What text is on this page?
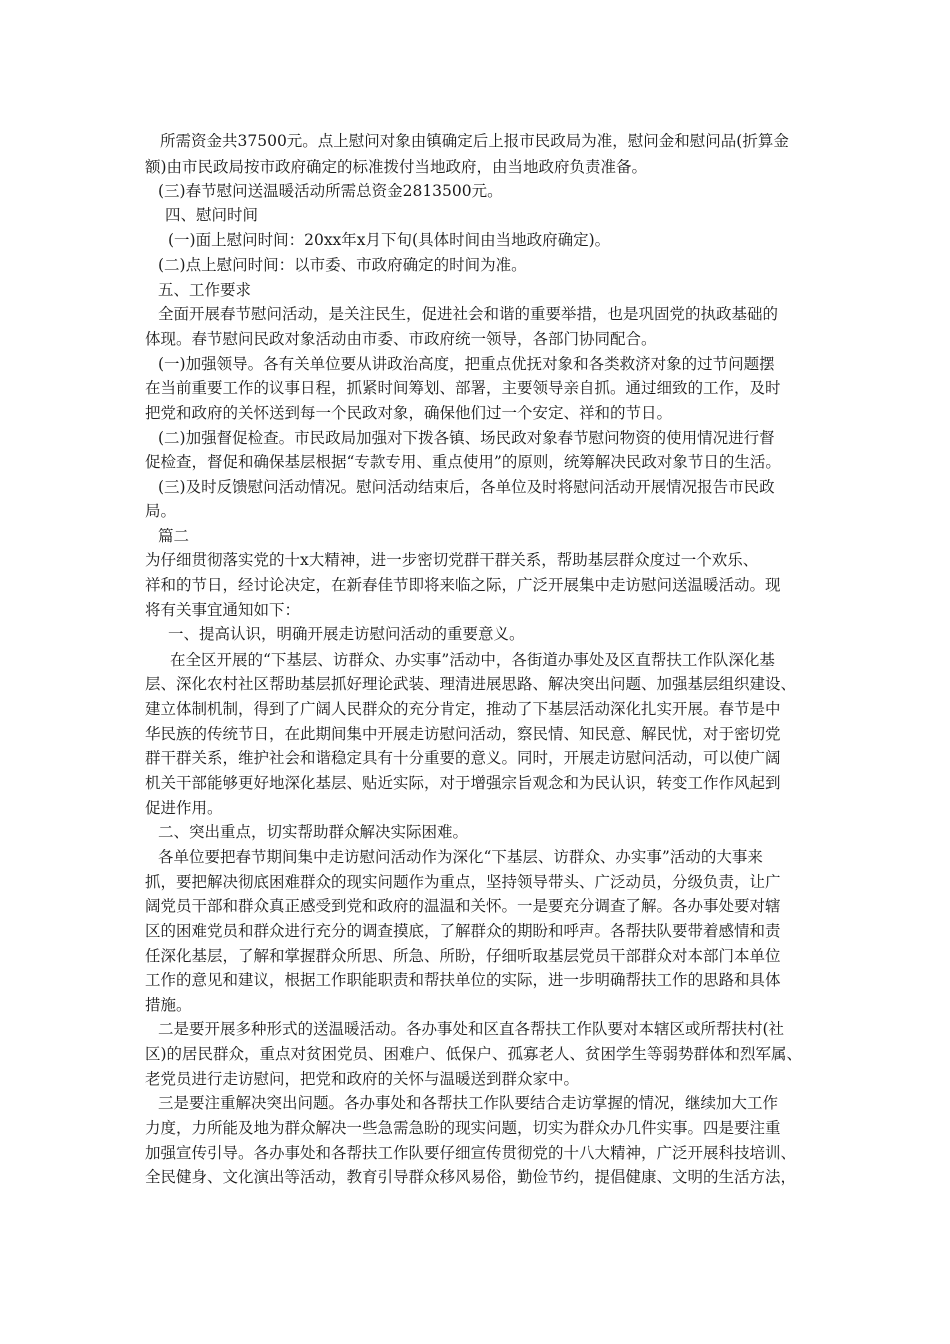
所需资金共37500元。点上慰问对象由镇确定后上报市民政局为准，慰问金和慰问品(折算金
额)由市民政局按市政府确定的标准拨付当地政府，由当地政府负责准备。
(三)春节慰问送温暖活动所需总资金2813500元。
四、慰问时间
(一)面上慰问时间：20xx年x月下旬(具体时间由当地政府确定)。
(二)点上慰问时间：以市委、市政府确定的时间为准。
五、工作要求
全面开展春节慰问活动，是关注民生，促进社会和谐的重要举措，也是巩固党的执政基础的
体现。春节慰问民政对象活动由市委、市政府统一领导，各部门协同配合。
(一)加强领导。各有关单位要从讲政治高度，把重点优抚对象和各类救济对象的过节问题摆
在当前重要工作的议事日程，抓紧时间筹划、部署，主要领导亲自抓。通过细致的工作，及时
把党和政府的关怀送到每一个民政对象，确保他们过一个安定、祥和的节日。
(二)加强督促检查。市民政局加强对下拨各镇、场民政对象春节慰问物资的使用情况进行督
促检查，督促和确保基层根据“专款专用、重点使用”的原则，统筹解决民政对象节日的生活。
(三)及时反馈慰问活动情况。慰问活动结束后，各单位及时将慰问活动开展情况报告市民政
局。
篇二
为仔细贯彻落实党的十x大精神，进一步密切党群干群关系，帮助基层群众度过一个欢乐、
祥和的节日，经讨论决定，在新春佳节即将来临之际，广泛开展集中走访慰问送温暖活动。现
将有关事宜通知如下：
一、提高认识，明确开展走访慰问活动的重要意义。
在全区开展的“下基层、访群众、办实事”活动中，各街道办事处及区直帮扶工作队深化基
层、深化农村社区帮助基层抓好理论武装、理清进展思路、解决突出问题、加强基层组织建设、
建立体制机制，得到了广阔人民群众的充分肯定，推动了下基层活动深化扎实开展。春节是中
华民族的传统节日，在此期间集中开展走访慰问活动，察民情、知民意、解民忧，对于密切党
群干群关系，维护社会和谐稳定具有十分重要的意义。同时，开展走访慰问活动，可以使广阔
机关干部能够更好地深化基层、贴近实际，对于增强宗旨观念和为民认识，转变工作作风起到
促进作用。
二、突出重点，切实帮助群众解决实际困难。
各单位要把春节期间集中走访慰问活动作为深化“下基层、访群众、办实事”活动的大事来
抓，要把解决彻底困难群众的现实问题作为重点，坚持领导带头、广泛动员，分级负责，让广
阔党员干部和群众真正感受到党和政府的温温和关怀。一是要充分调查了解。各办事处要对辖
区的困难党员和群众进行充分的调查摸底，了解群众的期盼和呼声。各帮扶队要带着感情和责
任深化基层，了解和掌握群众所思、所急、所盼，仔细听取基层党员干部群众对本部门本单位
工作的意见和建议，根据工作职能职责和帮扶单位的实际，进一步明确帮扶工作的思路和具体
措施。
二是要开展多种形式的送温暖活动。各办事处和区直各帮扶工作队要对本辖区或所帮扶村(社
区)的居民群众，重点对贫困党员、困难户、低保户、孤寡老人、贫困学生等弱势群体和烈军属、
老党员进行走访慰问，把党和政府的关怀与温暖送到群众家中。
三是要注重解决突出问题。各办事处和各帮扶工作队要结合走访掌握的情况，继续加大工作
力度，力所能及地为群众解决一些急需急盼的现实问题，切实为群众办几件实事。四是要注重
加强宣传引导。各办事处和各帮扶工作队要仔细宣传贯彻党的十八大精神，广泛开展科技培训、
全民健身、文化演出等活动，教育引导群众移风易俗，勤俭节约，提倡健康、文明的生活方法，
